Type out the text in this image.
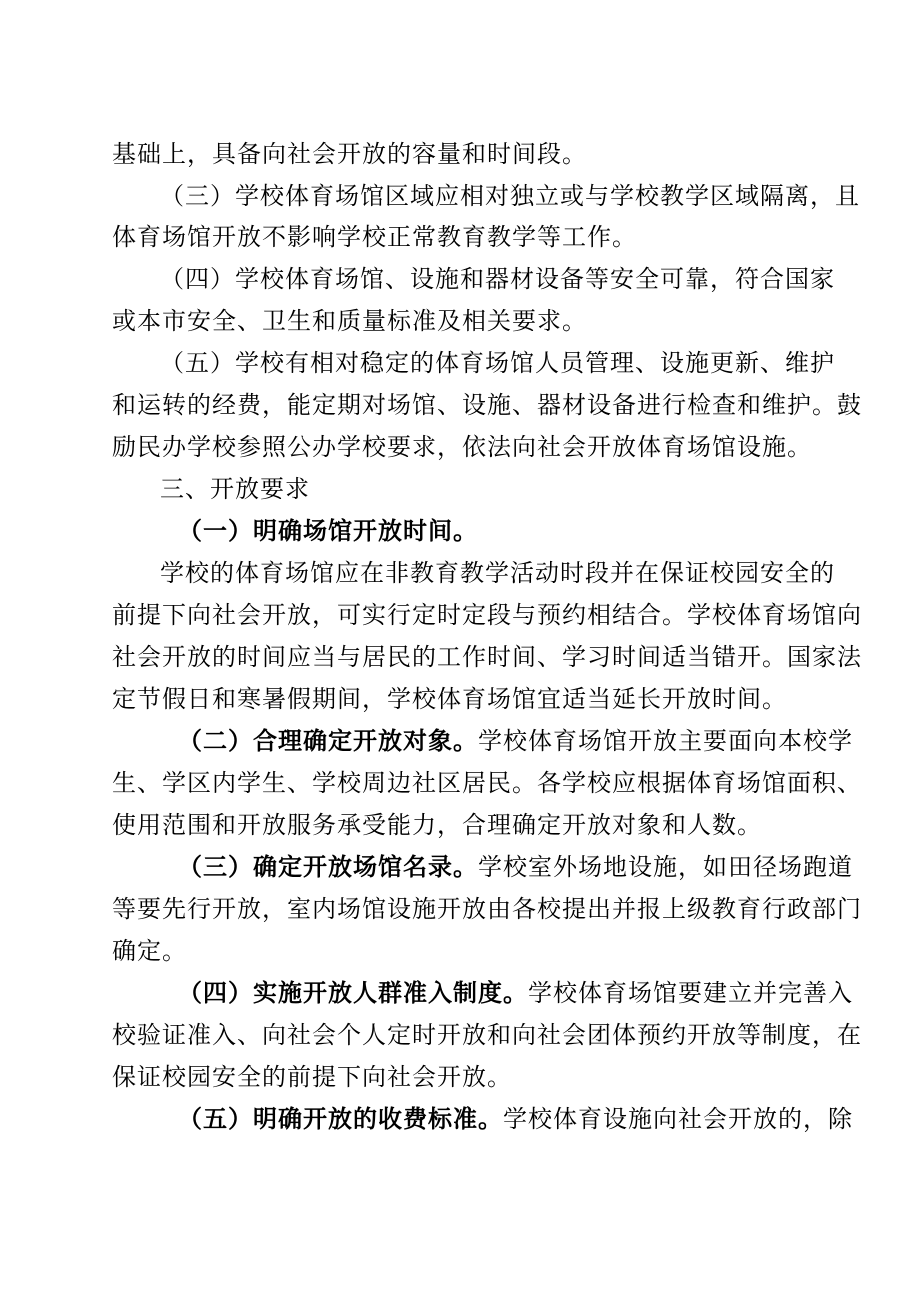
基础上，具备向社会开放的容量和时间段。
（三）学校体育场馆区域应相对独立或与学校教学区域隔离，且
体育场馆开放不影响学校正常教育教学等工作。
（四）学校体育场馆、设施和器材设备等安全可靠，符合国家
或本市安全、卫生和质量标准及相关要求。
（五）学校有相对稳定的体育场馆人员管理、设施更新、维护
和运转的经费，能定期对场馆、设施、器材设备进行检查和维护。鼓
励民办学校参照公办学校要求，依法向社会开放体育场馆设施。
三、开放要求
（一）明确场馆开放时间。
学校的体育场馆应在非教育教学活动时段并在保证校园安全的
前提下向社会开放，可实行定时定段与预约相结合。学校体育场馆向
社会开放的时间应当与居民的工作时间、学习时间适当错开。国家法
定节假日和寒暑假期间，学校体育场馆宜适当延长开放时间。
（二）合理确定开放对象。学校体育场馆开放主要面向本校学
生、学区内学生、学校周边社区居民。各学校应根据体育场馆面积、
使用范围和开放服务承受能力，合理确定开放对象和人数。
（三）确定开放场馆名录。学校室外场地设施，如田径场跑道
等要先行开放，室内场馆设施开放由各校提出并报上级教育行政部门
确定。
（四）实施开放人群准入制度。学校体育场馆要建立并完善入
校验证准入、向社会个人定时开放和向社会团体预约开放等制度，在
保证校园安全的前提下向社会开放。
（五）明确开放的收费标准。学校体育设施向社会开放的，除
